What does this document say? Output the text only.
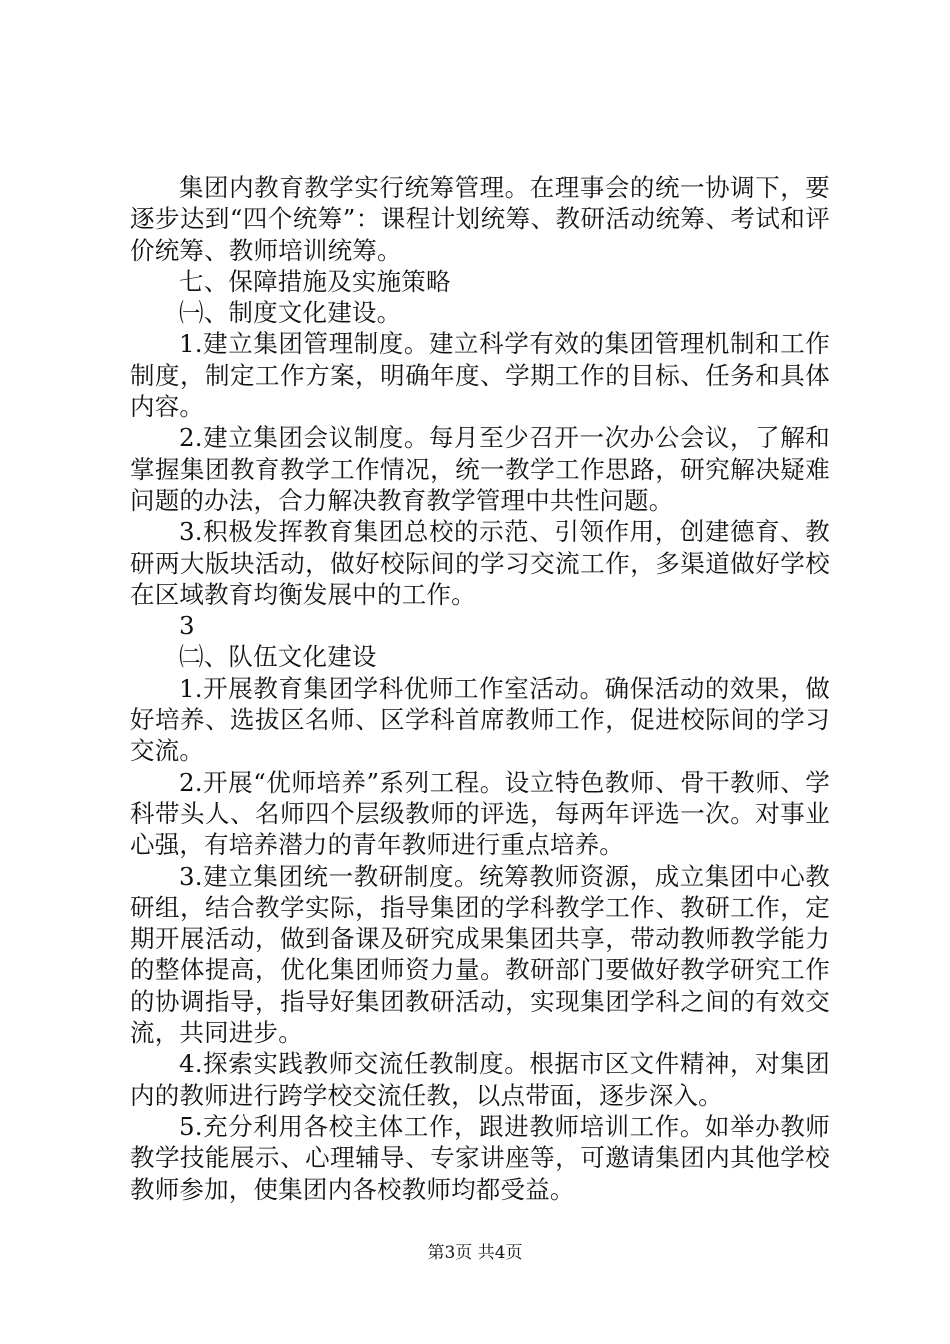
集团内教育教学实行统筹管理。在理事会的统一协调下，要逐步达到“四个统筹”：课程计划统筹、教研活动统筹、考试和评价统筹、教师培训统筹。

七、保障措施及实施策略

㈠、制度文化建设。

1.建立集团管理制度。建立科学有效的集团管理机制和工作制度，制定工作方案，明确年度、学期工作的目标、任务和具体内容。

2.建立集团会议制度。每月至少召开一次办公会议，了解和掌握集团教育教学工作情况，统一教学工作思路，研究解决疑难问题的办法，合力解决教育教学管理中共性问题。

3.积极发挥教育集团总校的示范、引领作用，创建德育、教研两大版块活动，做好校际间的学习交流工作，多渠道做好学校在区域教育均衡发展中的工作。

3

㈡、队伍文化建设

1.开展教育集团学科优师工作室活动。确保活动的效果，做好培养、选拔区名师、区学科首席教师工作，促进校际间的学习交流。

2.开展“优师培养”系列工程。设立特色教师、骨干教师、学科带头人、名师四个层级教师的评选，每两年评选一次。对事业心强，有培养潜力的青年教师进行重点培养。

3.建立集团统一教研制度。统筹教师资源，成立集团中心教研组，结合教学实际，指导集团的学科教学工作、教研工作，定期开展活动，做到备课及研究成果集团共享，带动教师教学能力的整体提高，优化集团师资力量。教研部门要做好教学研究工作的协调指导，指导好集团教研活动，实现集团学科之间的有效交流，共同进步。

4.探索实践教师交流任教制度。根据市区文件精神，对集团内的教师进行跨学校交流任教，以点带面，逐步深入。

5.充分利用各校主体工作，跟进教师培训工作。如举办教师教学技能展示、心理辅导、专家讲座等，可邀请集团内其他学校教师参加，使集团内各校教师均都受益。

第3页 共4页
